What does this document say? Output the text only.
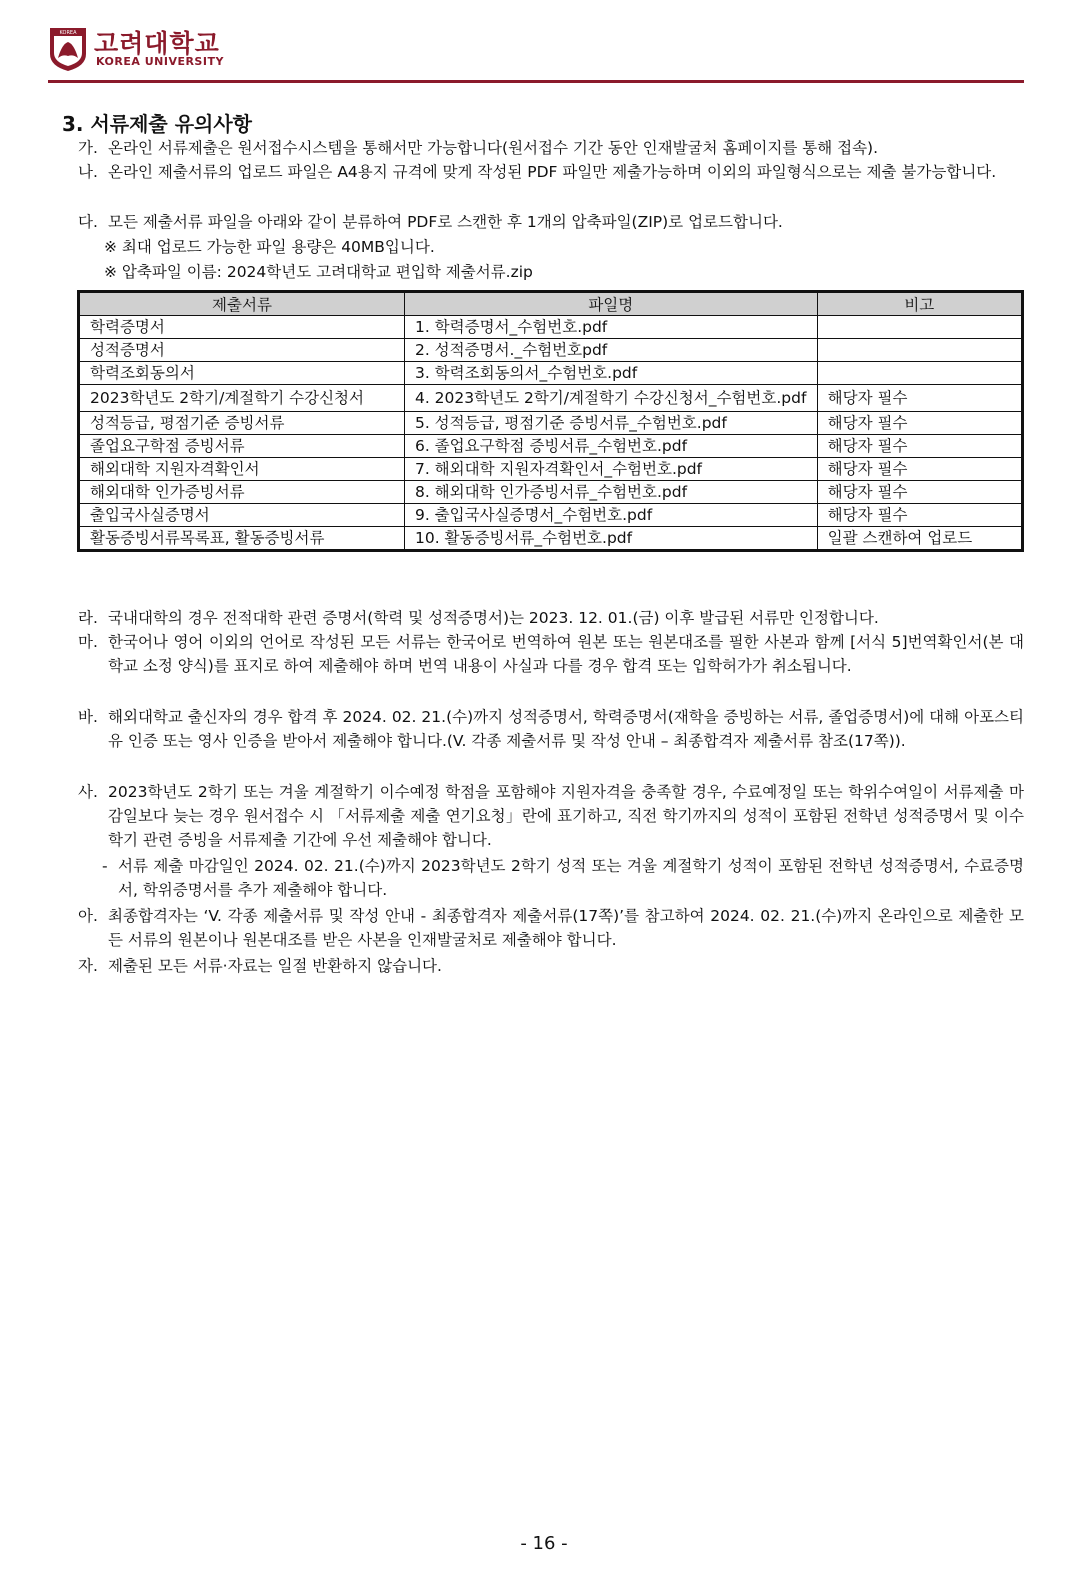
KOREA 고려대학교
KOREA UNIVERSITY
3. 서류제출 유의사항
가. 온라인 서류제출은 원서접수시스템을 통해서만 가능합니다(원서접수 기간 동안 인재발굴처 홈페이지를 통해 접속).
나. 온라인 제출서류의 업로드 파일은 A4용지 규격에 맞게 작성된 PDF 파일만 제출가능하며 이외의 파일형식으로는 제출 불가능합니다.
다. 모든 제출서류 파일을 아래와 같이 분류하여 PDF로 스캔한 후 1개의 압축파일(ZIP)로 업로드합니다.
※ 최대 업로드 가능한 파일 용량은 40MB입니다.
※ 압축파일 이름: 2024학년도 고려대학교 편입학 제출서류.zip
제출서류	파일명	비고
학력증명서	1. 학력증명서_수험번호.pdf	
성적증명서	2. 성적증명서._수험번호pdf	
학력조회동의서	3. 학력조회동의서_수험번호.pdf	
2023학년도 2학기/계절학기 수강신청서	4. 2023학년도 2학기/계절학기 수강신청서_수험번호.pdf	해당자 필수
성적등급, 평점기준 증빙서류	5. 성적등급, 평점기준 증빙서류_수험번호.pdf	해당자 필수
졸업요구학점 증빙서류	6. 졸업요구학점 증빙서류_수험번호.pdf	해당자 필수
해외대학 지원자격확인서	7. 해외대학 지원자격확인서_수험번호.pdf	해당자 필수
해외대학 인가증빙서류	8. 해외대학 인가증빙서류_수험번호.pdf	해당자 필수
출입국사실증명서	9. 출입국사실증명서_수험번호.pdf	해당자 필수
활동증빙서류목록표, 활동증빙서류	10. 활동증빙서류_수험번호.pdf	일괄 스캔하여 업로드
라. 국내대학의 경우 전적대학 관련 증명서(학력 및 성적증명서)는 2023. 12. 01.(금) 이후 발급된 서류만 인정합니다.
마. 한국어나 영어 이외의 언어로 작성된 모든 서류는 한국어로 번역하여 원본 또는 원본대조를 필한 사본과 함께 [서식 5]번역확인서(본 대학교 소정 양식)를 표지로 하여 제출해야 하며 번역 내용이 사실과 다를 경우 합격 또는 입학허가가 취소됩니다.
바. 해외대학교 출신자의 경우 합격 후 2024. 02. 21.(수)까지 성적증명서, 학력증명서(재학을 증빙하는 서류, 졸업증명서)에 대해 아포스티유 인증 또는 영사 인증을 받아서 제출해야 합니다.(V. 각종 제출서류 및 작성 안내 – 최종합격자 제출서류 참조(17쪽)).
사. 2023학년도 2학기 또는 겨울 계절학기 이수예정 학점을 포함해야 지원자격을 충족할 경우, 수료예정일 또는 학위수여일이 서류제출 마감일보다 늦는 경우 원서접수 시 「서류제출 제출 연기요청」란에 표기하고, 직전 학기까지의 성적이 포함된 전학년 성적증명서 및 이수학기 관련 증빙을 서류제출 기간에 우선 제출해야 합니다.
- 서류 제출 마감일인 2024. 02. 21.(수)까지 2023학년도 2학기 성적 또는 겨울 계절학기 성적이 포함된 전학년 성적증명서, 수료증명서, 학위증명서를 추가 제출해야 합니다.
아. 최종합격자는 ‘V. 각종 제출서류 및 작성 안내 - 최종합격자 제출서류(17쪽)’를 참고하여 2024. 02. 21.(수)까지 온라인으로 제출한 모든 서류의 원본이나 원본대조를 받은 사본을 인재발굴처로 제출해야 합니다.
자. 제출된 모든 서류·자료는 일절 반환하지 않습니다.
- 16 -
